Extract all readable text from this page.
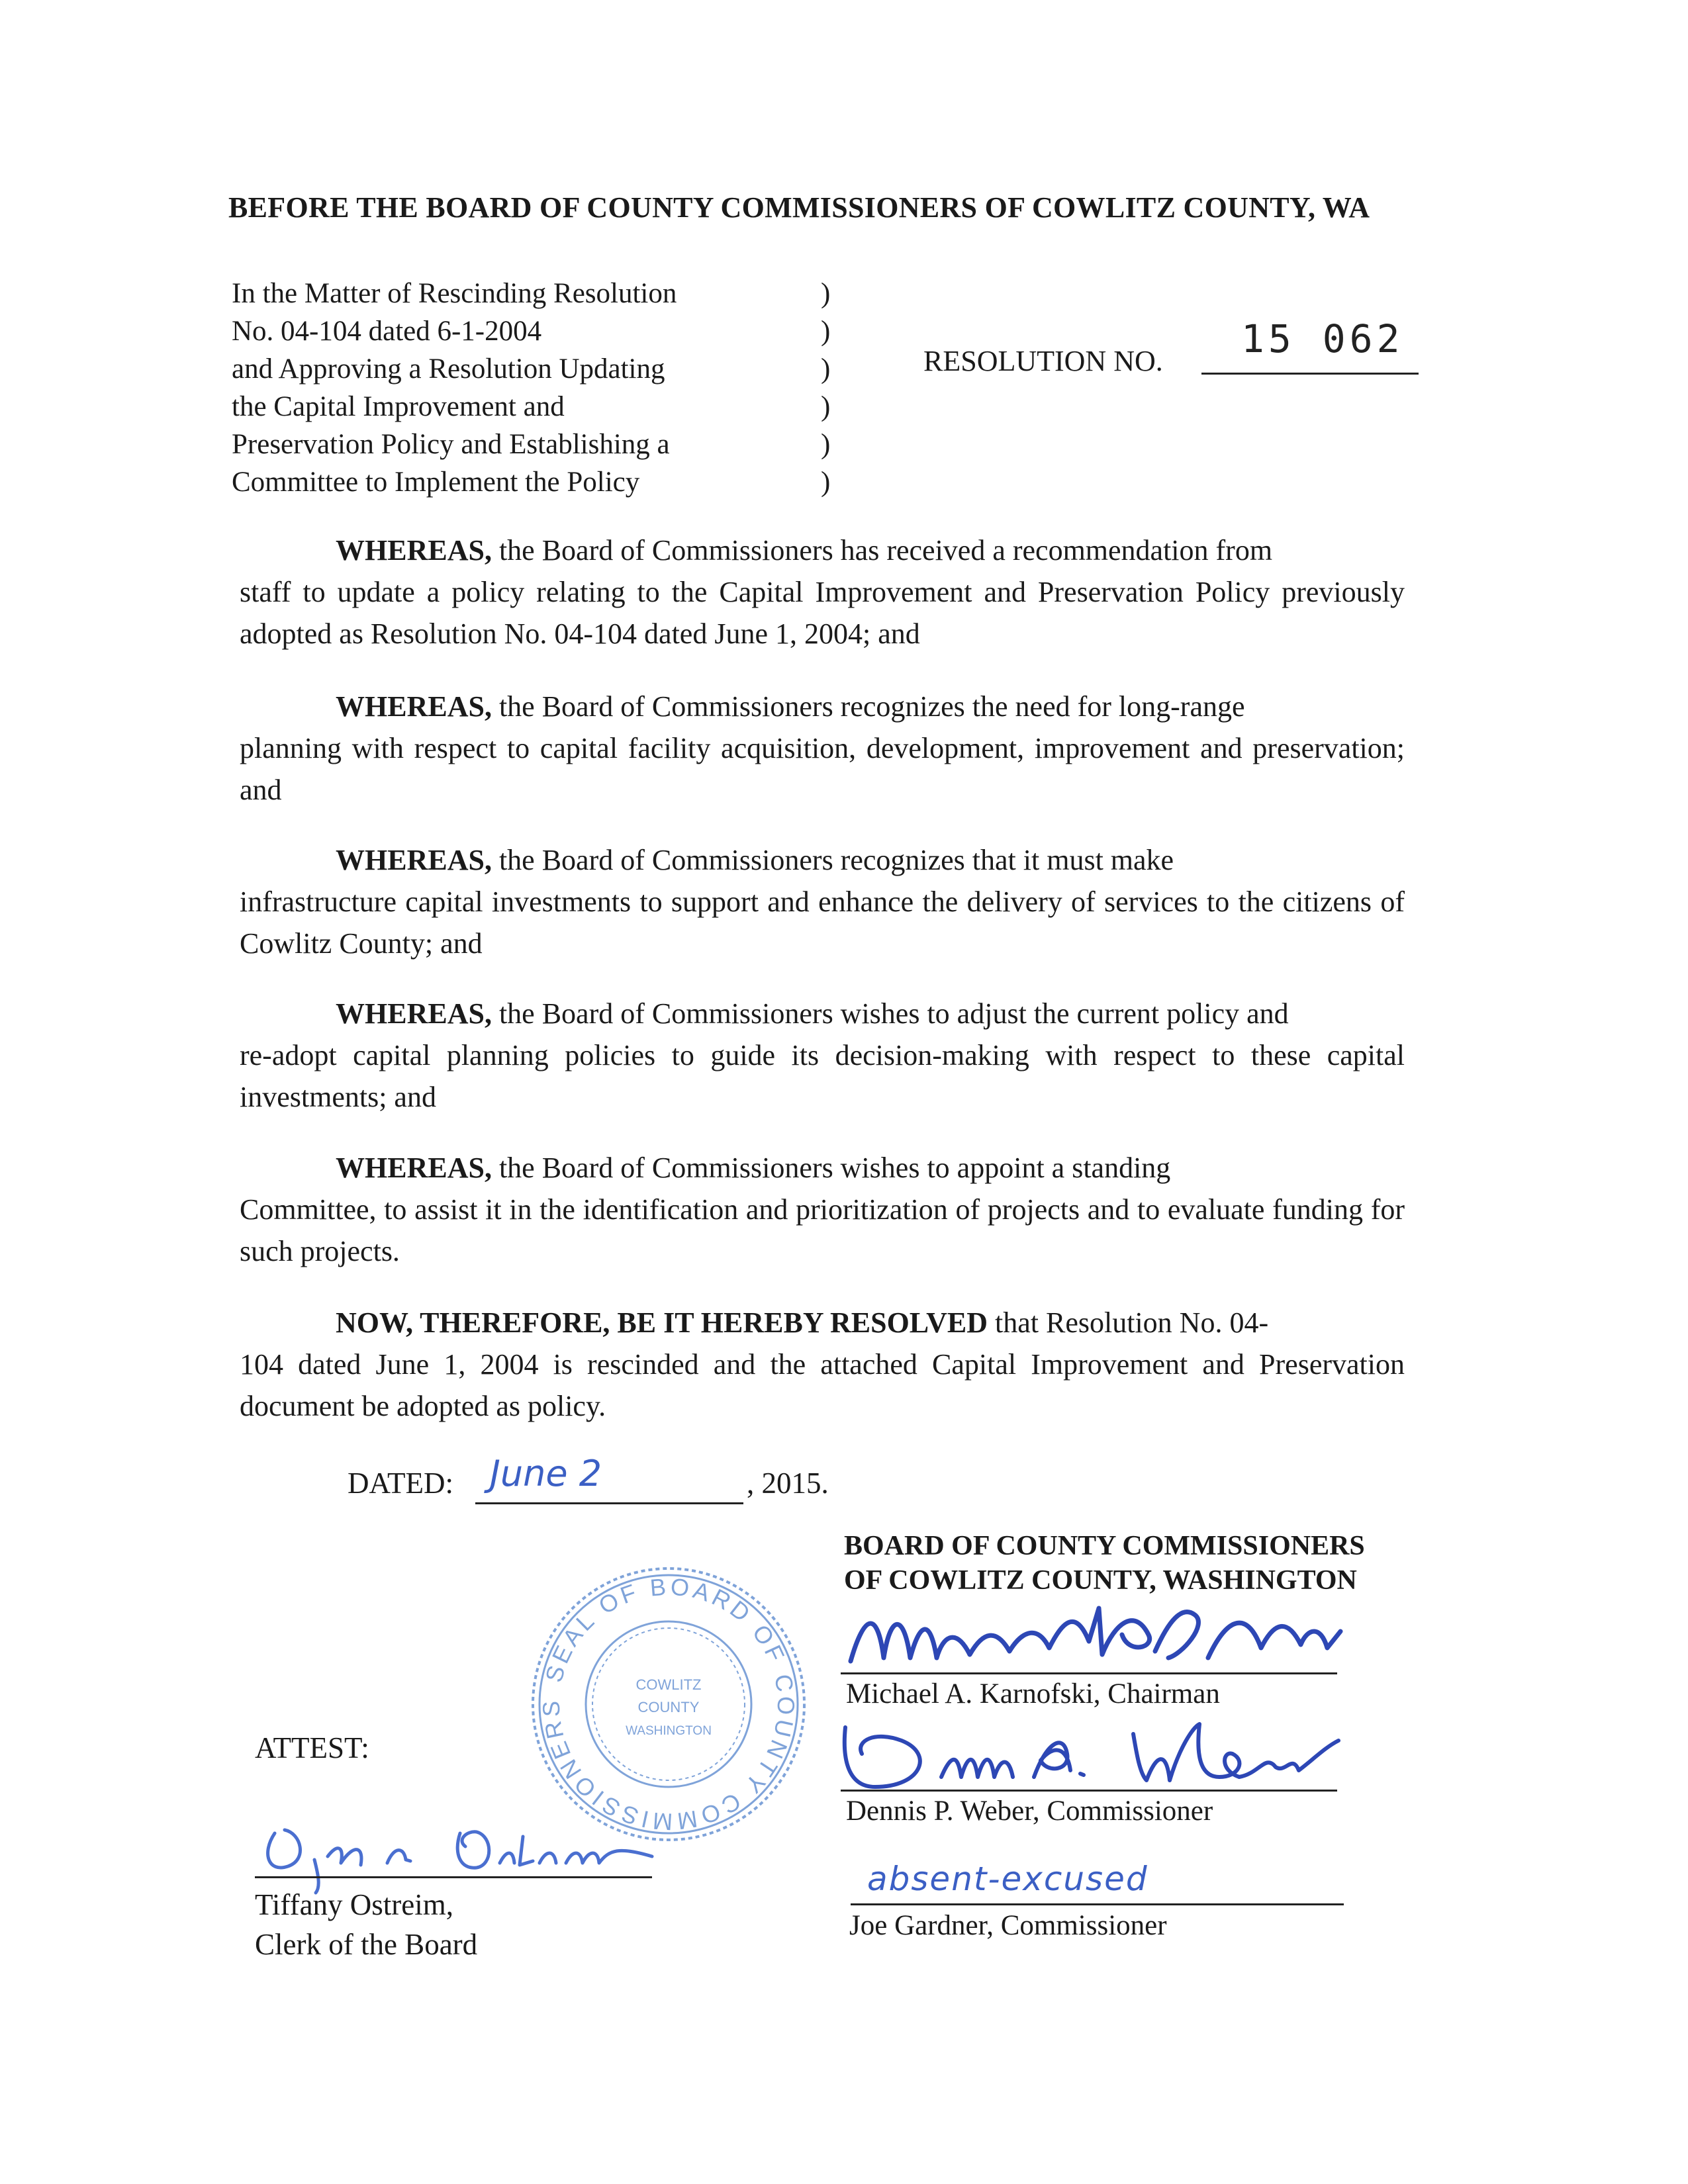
BEFORE THE BOARD OF COUNTY COMMISSIONERS OF COWLITZ COUNTY, WA
In the Matter of Rescinding Resolution
No. 04-104 dated 6-1-2004
and Approving a Resolution Updating
the Capital Improvement and
Preservation Policy and Establishing a
Committee to Implement the Policy
)
)
)
)
)
)
RESOLUTION NO. 15 062
WHEREAS, the Board of Commissioners has received a recommendation from
staff to update a policy relating to the Capital Improvement and Preservation Policy previously adopted as Resolution No. 04-104 dated June 1, 2004; and
WHEREAS, the Board of Commissioners recognizes the need for long-range
planning with respect to capital facility acquisition, development, improvement and preservation; and
WHEREAS, the Board of Commissioners recognizes that it must make
infrastructure capital investments to support and enhance the delivery of services to the citizens of Cowlitz County; and
WHEREAS, the Board of Commissioners wishes to adjust the current policy and
re-adopt capital planning policies to guide its decision-making with respect to these capital investments; and
WHEREAS, the Board of Commissioners wishes to appoint a standing
Committee, to assist it in the identification and prioritization of projects and to evaluate funding for such projects.
NOW, THEREFORE, BE IT HEREBY RESOLVED that Resolution No. 04-
104 dated June 1, 2004 is rescinded and the attached Capital Improvement and Preservation document be adopted as policy.
DATED: June 2	, 2015.
BOARD OF COUNTY COMMISSIONERS
OF COWLITZ COUNTY, WASHINGTON
SEAL OF BOARD OF COUNTY COMMISSIONERS
COWLITZ
COUNTY
WASHINGTON
Michael A. Karnofski, Chairman
Dennis P. Weber, Commissioner
absent-excused
Joe Gardner, Commissioner
ATTEST:
Tiffany Ostreim,
Clerk of the Board
